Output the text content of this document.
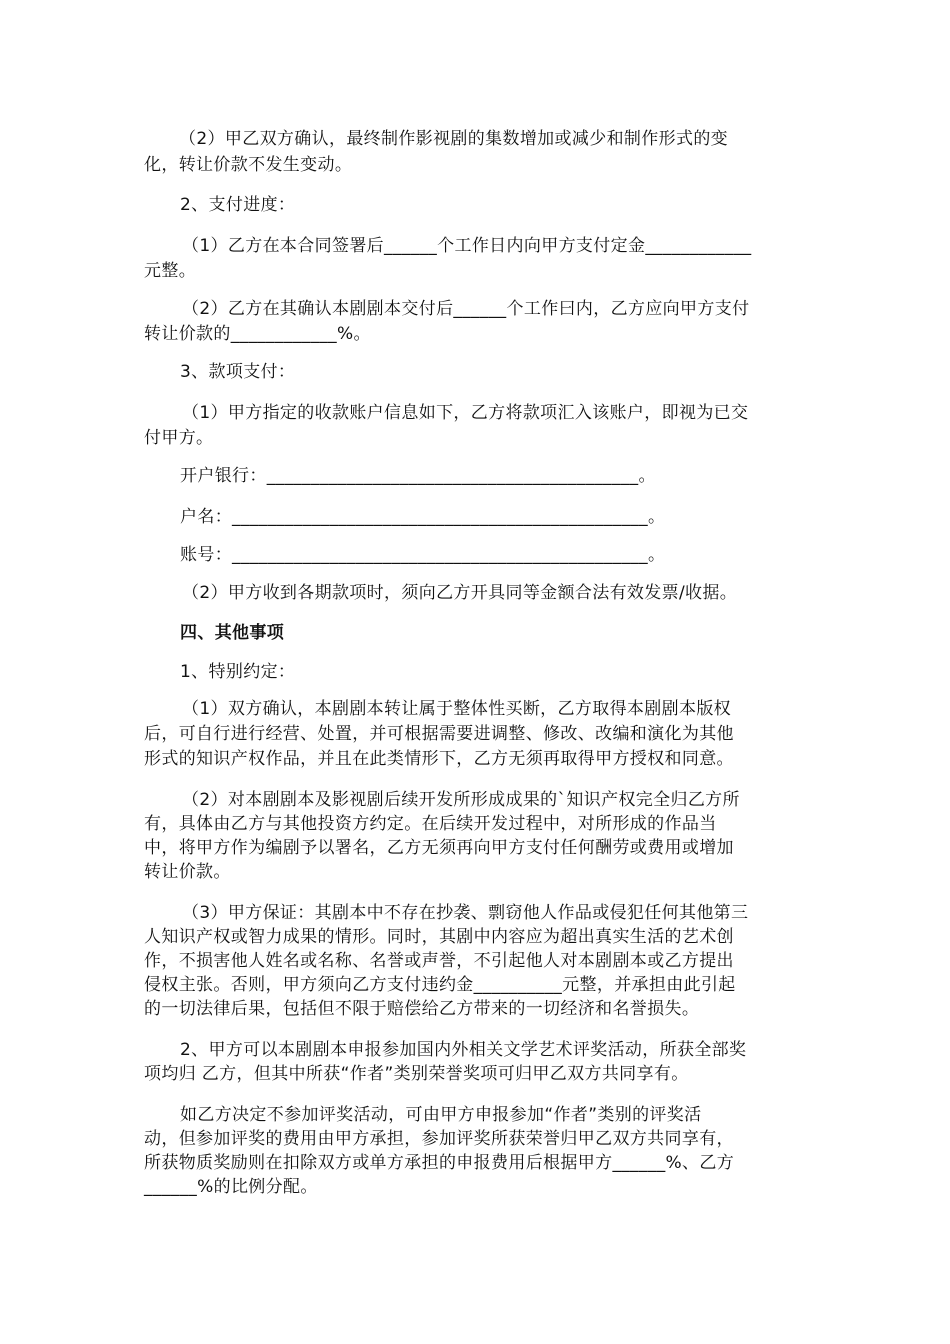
（2）甲乙双方确认，最终制作影视剧的集数增加或减少和制作形式的变

化，转让价款不发生变动。

2、支付进度：

（1）乙方在本合同签署后______个工作日内向甲方支付定金____________

元整。

（2）乙方在其确认本剧剧本交付后______个工作曰内，乙方应向甲方支付

转让价款的____________%。

3、款项支付：

（1）甲方指定的收款账户信息如下，乙方将款项汇入该账户，即视为已交

付甲方。

开户银行：__________________________________________。

户名：_______________________________________________。

账号：_______________________________________________。

（2）甲方收到各期款项时，须向乙方开具同等金额合法有效发票/收据。

四、其他事项

1、特别约定：

（1）双方确认，本剧剧本转让属于整体性买断，乙方取得本剧剧本版权

后，可自行进行经营、处置，并可根据需要进调整、修改、改编和演化为其他

形式的知识产权作品，并且在此类情形下，乙方无须再取得甲方授权和同意。

（2）对本剧剧本及影视剧后续开发所形成成果的`知识产权完全归乙方所

有，具体由乙方与其他投资方约定。在后续开发过程中，对所形成的作品当

中，将甲方作为编剧予以署名，乙方无须再向甲方支付任何酬劳或费用或增加

转让价款。

（3）甲方保证：其剧本中不存在抄袭、剽窃他人作品或侵犯任何其他第三

人知识产权或智力成果的情形。同时，其剧中内容应为超出真实生活的艺术创

作，不损害他人姓名或名称、名誉或声誉，不引起他人对本剧剧本或乙方提出

侵权主张。否则，甲方须向乙方支付违约金__________元整，并承担由此引起

的一切法律后果，包括但不限于赔偿给乙方带来的一切经济和名誉损失。

2、甲方可以本剧剧本申报参加国内外相关文学艺术评奖活动，所获全部奖

项均归 乙方，但其中所获“作者”类别荣誉奖项可归甲乙双方共同享有。

如乙方决定不参加评奖活动，可由甲方申报参加“作者”类别的评奖活

动，但参加评奖的费用由甲方承担，参加评奖所获荣誉归甲乙双方共同享有，

所获物质奖励则在扣除双方或单方承担的申报费用后根据甲方______%、乙方

______%的比例分配。
